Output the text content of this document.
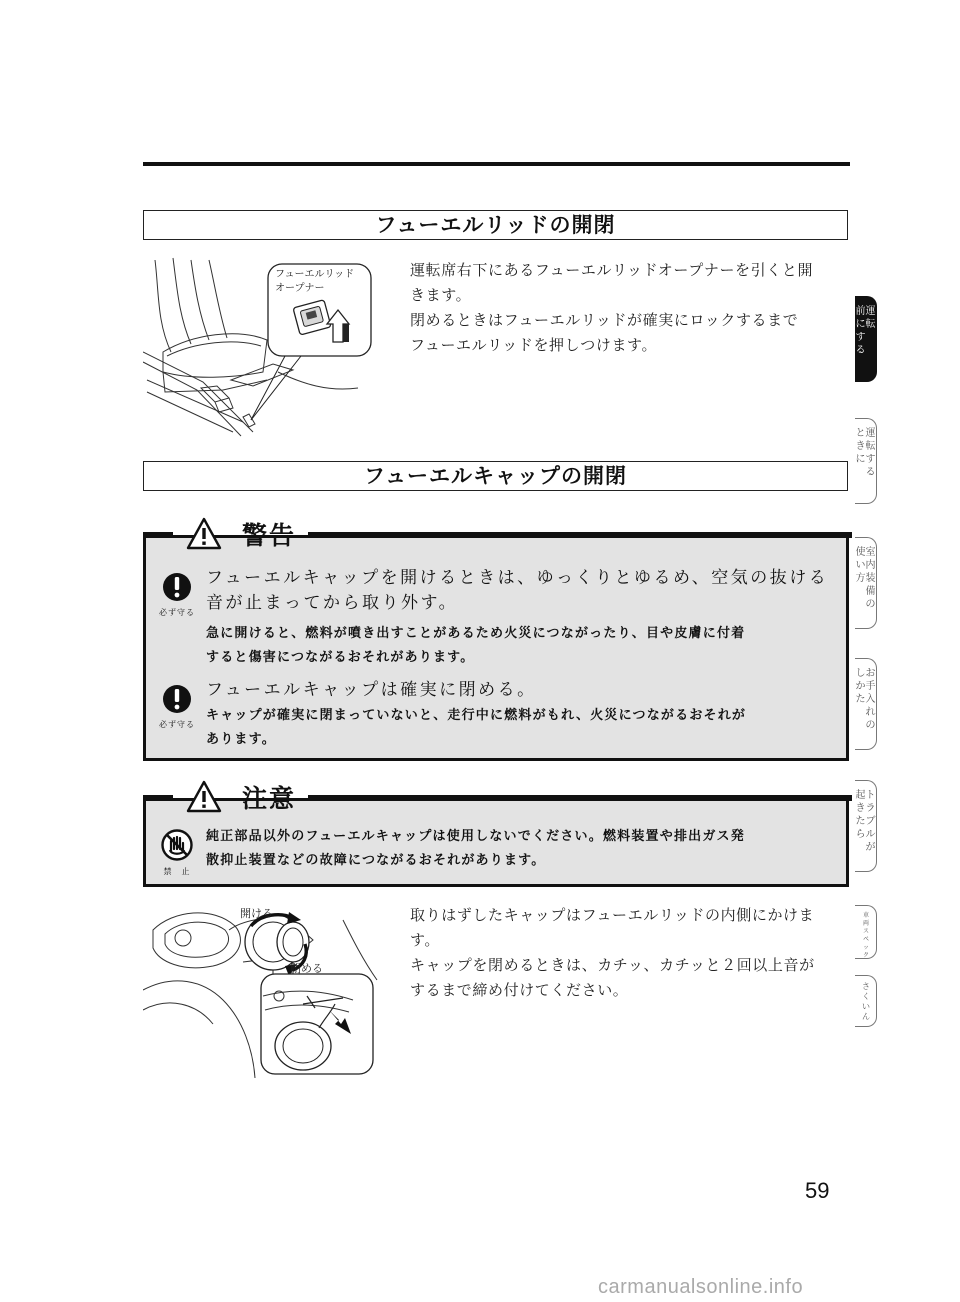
フューエルリッドの開閉
フューエルリッド
オープナー
運転席右下にあるフューエルリッドオープナーを引くと開
きます。
閉めるときはフューエルリッドが確実にロックするまで
フューエルリッドを押しつけます。
フューエルキャップの開閉
警告
必ず守る
フューエルキャップを開けるときは、ゆっくりとゆるめ、空気の抜ける
音が止まってから取り外す。
急に開けると、燃料が噴き出すことがあるため火災につながったり、目や皮膚に付着
すると傷害につながるおそれがあります。
必ず守る
フューエルキャップは確実に閉める。
キャップが確実に閉まっていないと、走行中に燃料がもれ、火災につながるおそれが
あります。
注意
禁　止
純正部品以外のフューエルキャップは使用しないでください。燃料装置や排出ガス発
散抑止装置などの故障につながるおそれがあります。
開ける
閉める
取りはずしたキャップはフューエルリッドの内側にかけま
す。
キャップを閉めるときは、カチッ、カチッと２回以上音が
するまで締め付けてください。
運
転
前
に
す
る
運
転
す
る
と
き
に
室
内
装
備
の
使
い
方
お
手
入
れ
の
し
か
た
ト
ラ
ブ
ル
が
起
き
た
ら
車
両
ス
ペ
ッ
ク
さ
く
い
ん
59
carmanualsonline.info
